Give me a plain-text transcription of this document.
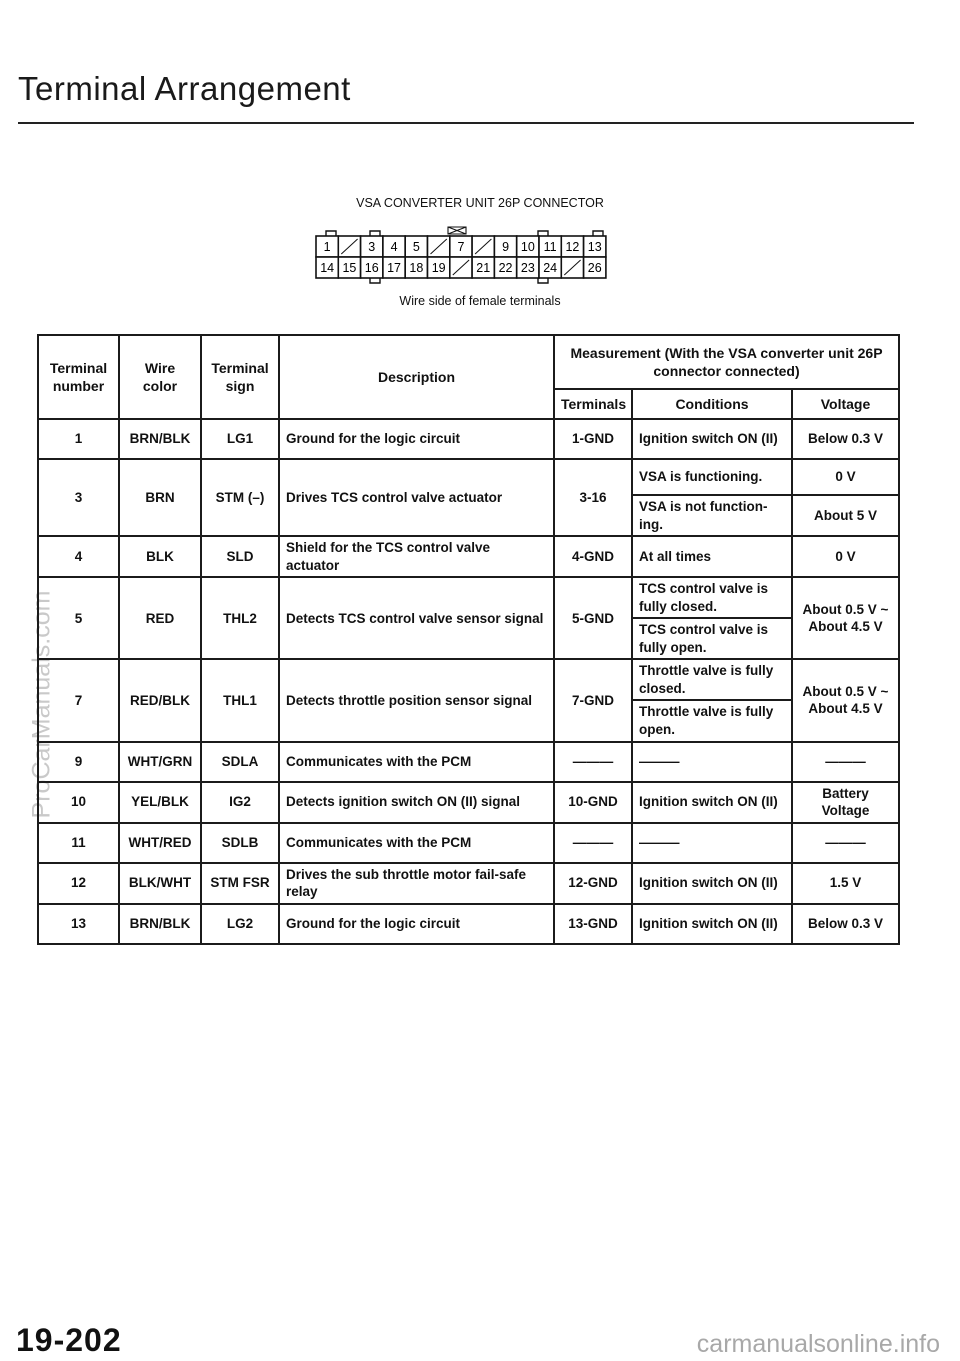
Terminal Arrangement
ProCarManuals.com
VSA CONVERTER UNIT 26P CONNECTOR
1	3 4 5	7	9 10 11 12 13
14 15 16 17 18 19 21 22 23 24 26
Wire side of female terminals
Terminal number	Wire color	Terminal sign	Description	Measurement (With the VSA converter unit 26P connector connected)		
				Terminals	Conditions	Voltage
1	BRN/BLK	LG1	Ground for the logic circuit	1-GND	Ignition switch ON (II)	Below 0.3 V
3	BRN	STM (–)	Drives TCS control valve actuator	3-16	VSA is functioning.	0 V
					VSA is not function-ing.	About 5 V
4	BLK	SLD	Shield for the TCS control valve actuator	4-GND	At all times	0 V
5	RED	THL2	Detects TCS control valve sensor signal	5-GND	TCS control valve is fully closed.	About 0.5 V ~ About 4.5 V
					TCS control valve is fully open.	
7	RED/BLK	THL1	Detects throttle position sensor signal	7-GND	Throttle valve is fully closed.	About 0.5 V ~ About 4.5 V
					Throttle valve is fully open.	
9	WHT/GRN	SDLA	Communicates with the PCM	———	———	———
10	YEL/BLK	IG2	Detects ignition switch ON (II) signal	10-GND	Ignition switch ON (II)	Battery Voltage
11	WHT/RED	SDLB	Communicates with the PCM	———	———	———
12	BLK/WHT	STM FSR	Drives the sub throttle motor fail-safe relay	12-GND	Ignition switch ON (II)	1.5 V
13	BRN/BLK	LG2	Ground for the logic circuit	13-GND	Ignition switch ON (II)	Below 0.3 V
19-202	carmanualsonline.info
